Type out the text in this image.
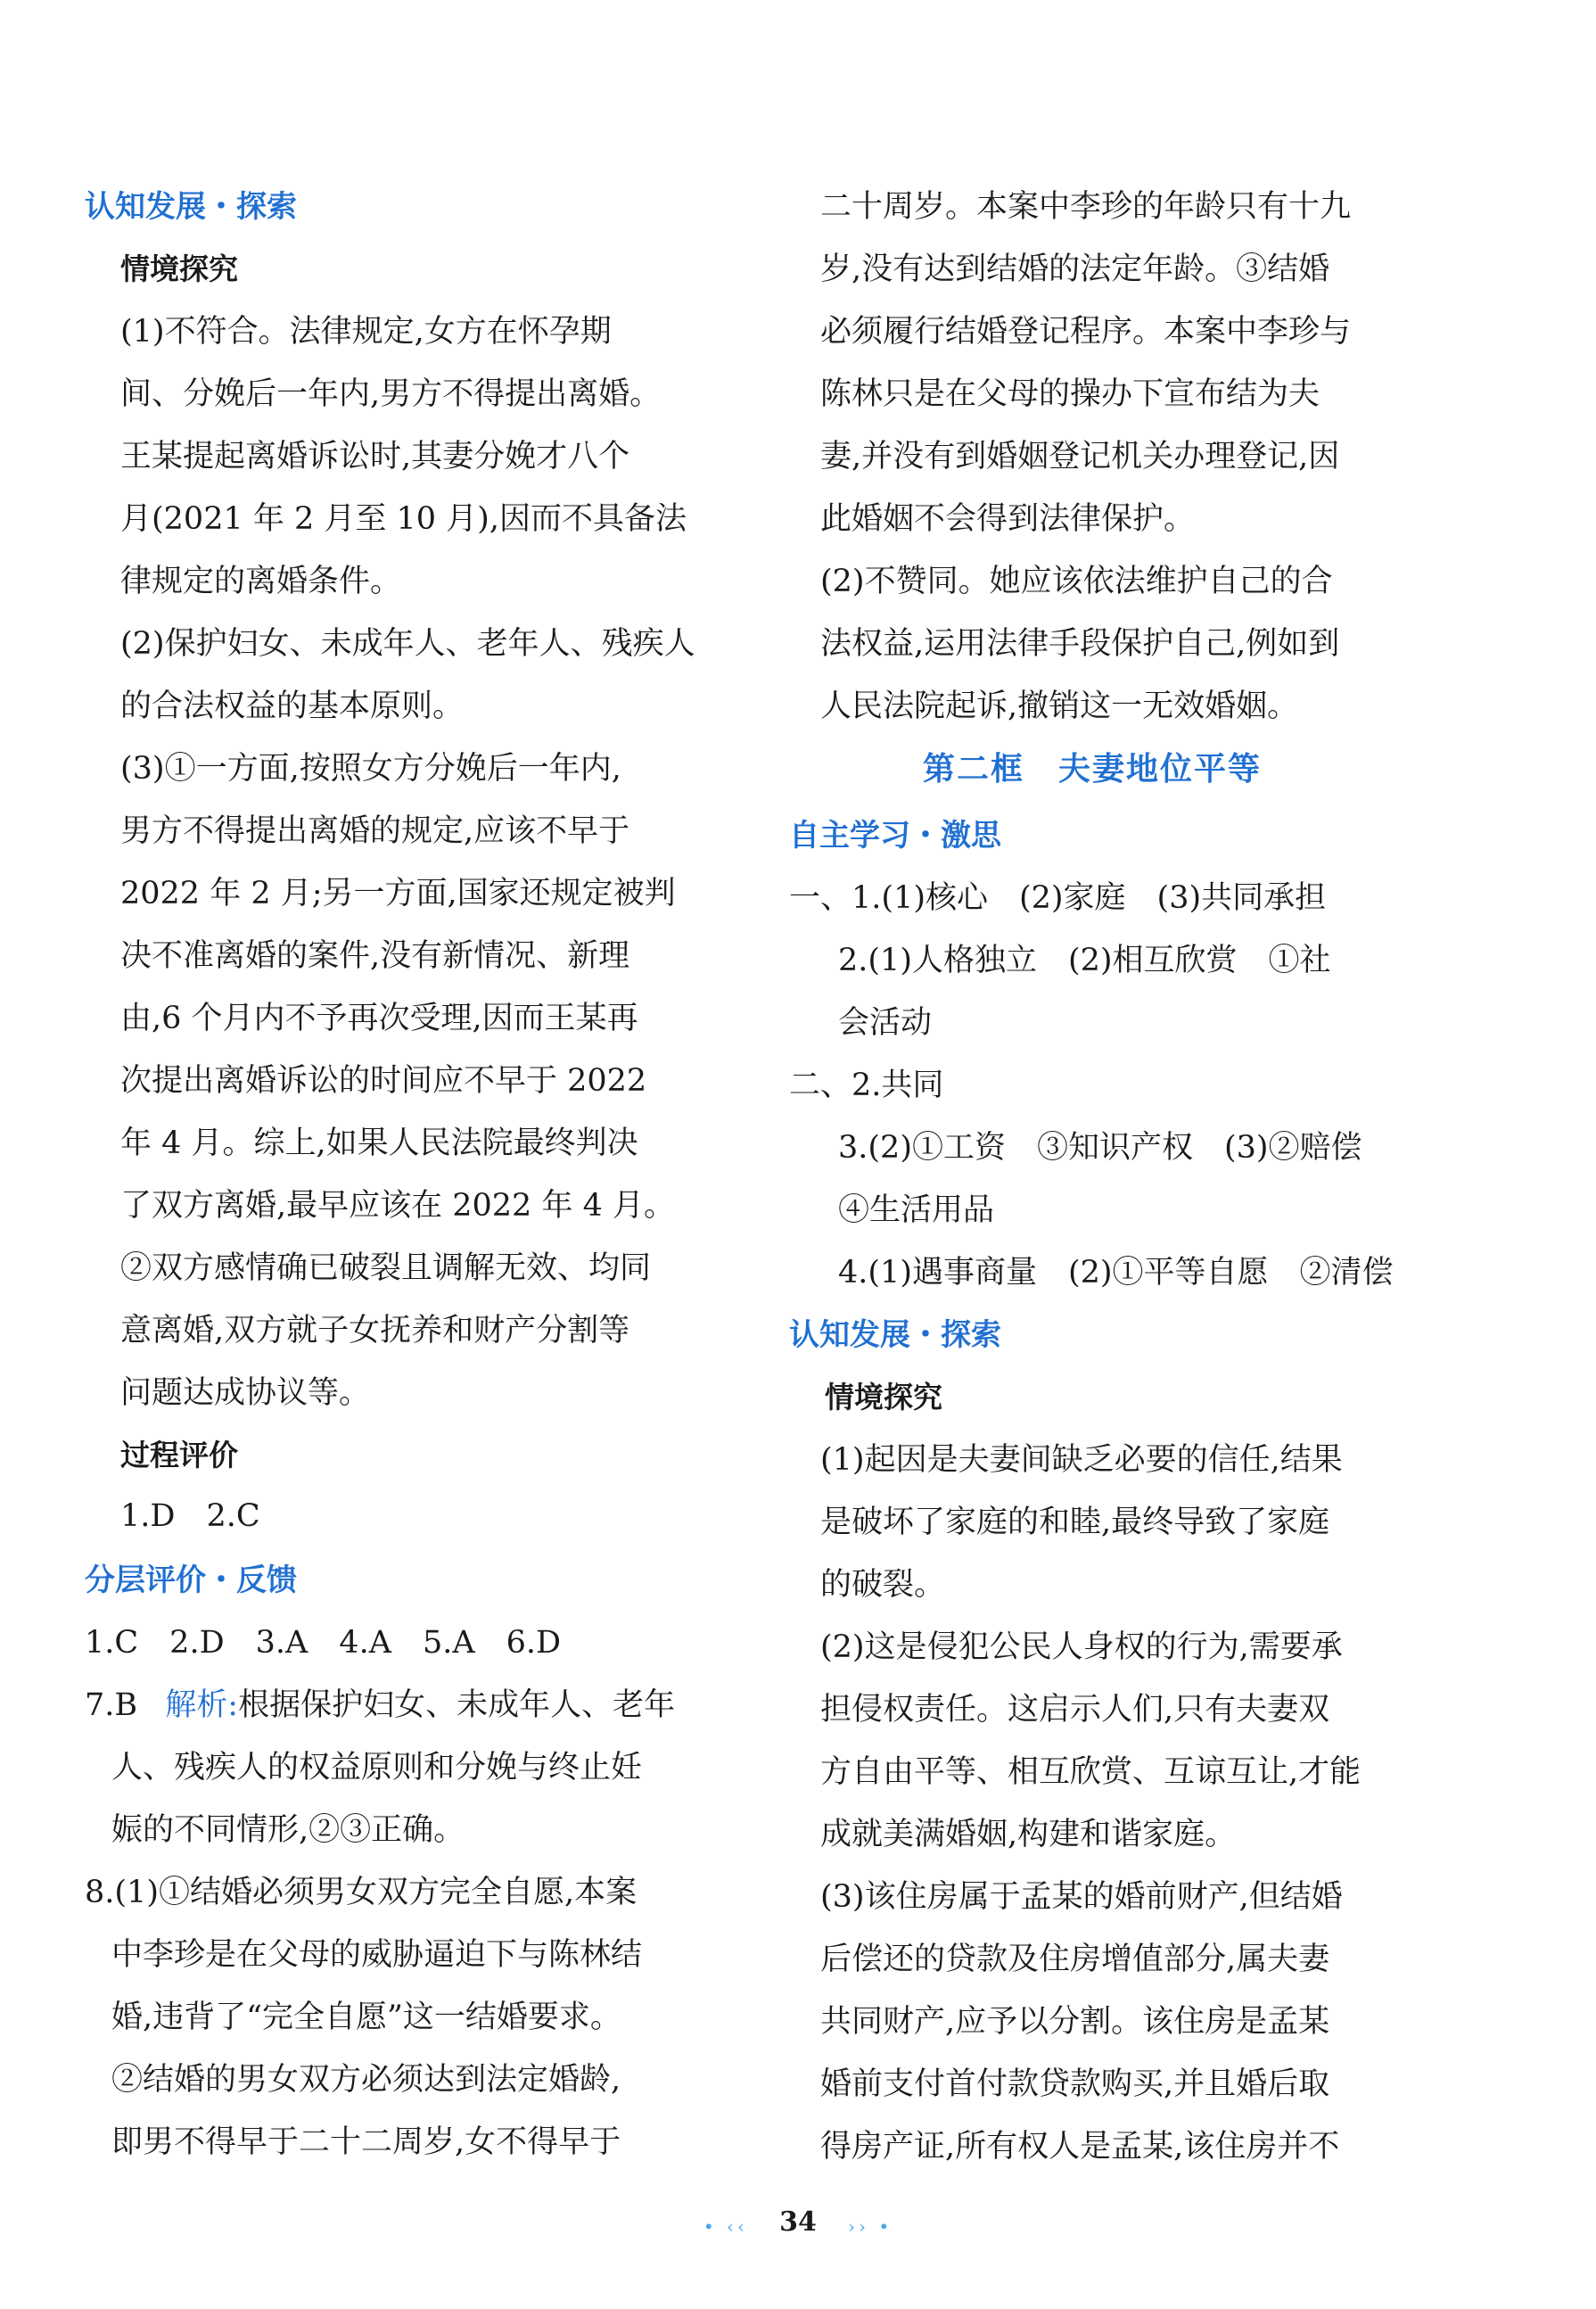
认知发展・探索
情境探究
(1)不符合。法律规定,女方在怀孕期
间、分娩后一年内,男方不得提出离婚。
王某提起离婚诉讼时,其妻分娩才八个
月(2021 年 2 月至 10 月),因而不具备法
律规定的离婚条件。
(2)保护妇女、未成年人、老年人、残疾人
的合法权益的基本原则。
(3)①一方面,按照女方分娩后一年内,
男方不得提出离婚的规定,应该不早于
2022 年 2 月;另一方面,国家还规定被判
决不准离婚的案件,没有新情况、新理
由,6 个月内不予再次受理,因而王某再
次提出离婚诉讼的时间应不早于 2022
年 4 月。综上,如果人民法院最终判决
了双方离婚,最早应该在 2022 年 4 月。
②双方感情确已破裂且调解无效、均同
意离婚,双方就子女抚养和财产分割等
问题达成协议等。
过程评价
1.D　2.C
分层评价・反馈
1.C　2.D　3.A　4.A　5.A　6.D
7.B 解析:根据保护妇女、未成年人、老年
人、残疾人的权益原则和分娩与终止妊
娠的不同情形,②③正确。
8.(1)①结婚必须男女双方完全自愿,本案
中李珍是在父母的威胁逼迫下与陈林结
婚,违背了“完全自愿”这一结婚要求。
②结婚的男女双方必须达到法定婚龄,
即男不得早于二十二周岁,女不得早于
二十周岁。本案中李珍的年龄只有十九
岁,没有达到结婚的法定年龄。③结婚
必须履行结婚登记程序。本案中李珍与
陈林只是在父母的操办下宣布结为夫
妻,并没有到婚姻登记机关办理登记,因
此婚姻不会得到法律保护。
(2)不赞同。她应该依法维护自己的合
法权益,运用法律手段保护自己,例如到
人民法院起诉,撤销这一无效婚姻。
第二框　夫妻地位平等
自主学习・激思
一、1.(1)核心　(2)家庭　(3)共同承担
2.(1)人格独立　(2)相互欣赏　①社
会活动
二、2.共同
3.(2)①工资　③知识产权　(3)②赔偿
④生活用品
4.(1)遇事商量　(2)①平等自愿　②清偿
认知发展・探索
情境探究
(1)起因是夫妻间缺乏必要的信任,结果
是破坏了家庭的和睦,最终导致了家庭
的破裂。
(2)这是侵犯公民人身权的行为,需要承
担侵权责任。这启示人们,只有夫妻双
方自由平等、相互欣赏、互谅互让,才能
成就美满婚姻,构建和谐家庭。
(3)该住房属于孟某的婚前财产,但结婚
后偿还的贷款及住房增值部分,属夫妻
共同财产,应予以分割。该住房是孟某
婚前支付首付款贷款购买,并且婚后取
得房产证,所有权人是孟某,该住房并不
• ‹‹ 34 ›› •
